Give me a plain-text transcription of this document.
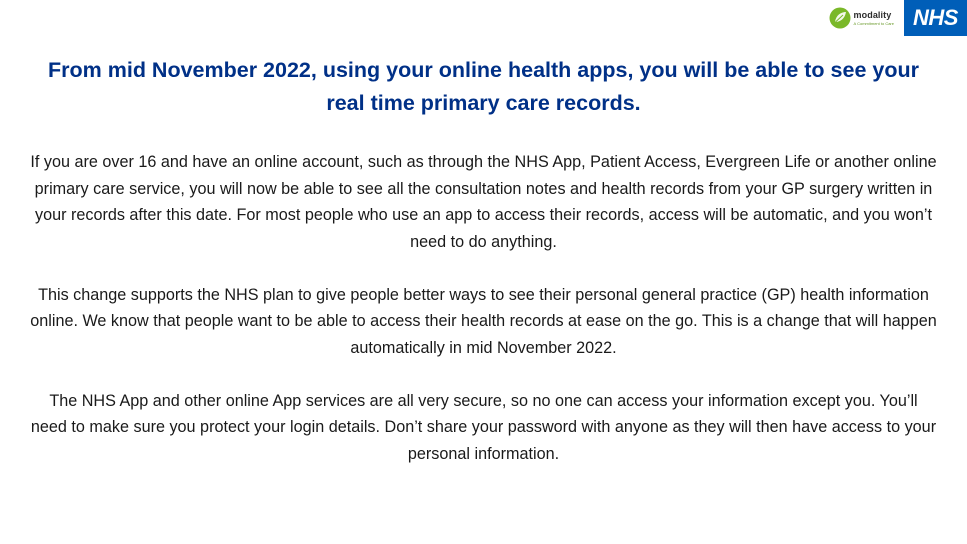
modality
A Commitment to Care NHS
From mid November 2022, using your online health apps, you will be able to see your real time primary care records.

If you are over 16 and have an online account, such as through the NHS App, Patient Access, Evergreen Life or another online primary care service, you will now be able to see all the consultation notes and health records from your GP surgery written in your records after this date. For most people who use an app to access their records, access will be automatic, and you won’t need to do anything.

This change supports the NHS plan to give people better ways to see their personal general practice (GP) health information online. We know that people want to be able to access their health records at ease on the go. This is a change that will happen automatically in mid November 2022.

The NHS App and other online App services are all very secure, so no one can access your information except you. You’ll need to make sure you protect your login details. Don’t share your password with anyone as they will then have access to your personal information.
